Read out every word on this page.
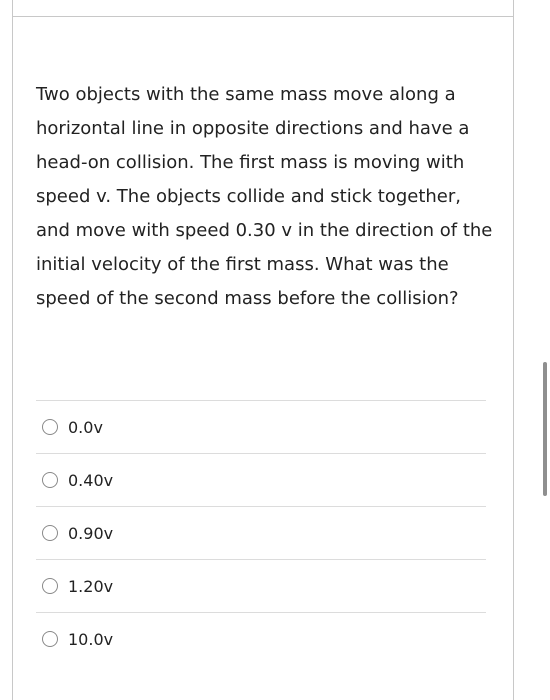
Two objects with the same mass move along a horizontal line in opposite directions and have a head-on collision. The first mass is moving with speed v. The objects collide and stick together, and move with speed 0.30 v in the direction of the initial velocity of the first mass. What was the speed of the second mass before the collision?

0.0v
0.40v
0.90v
1.20v
10.0v
